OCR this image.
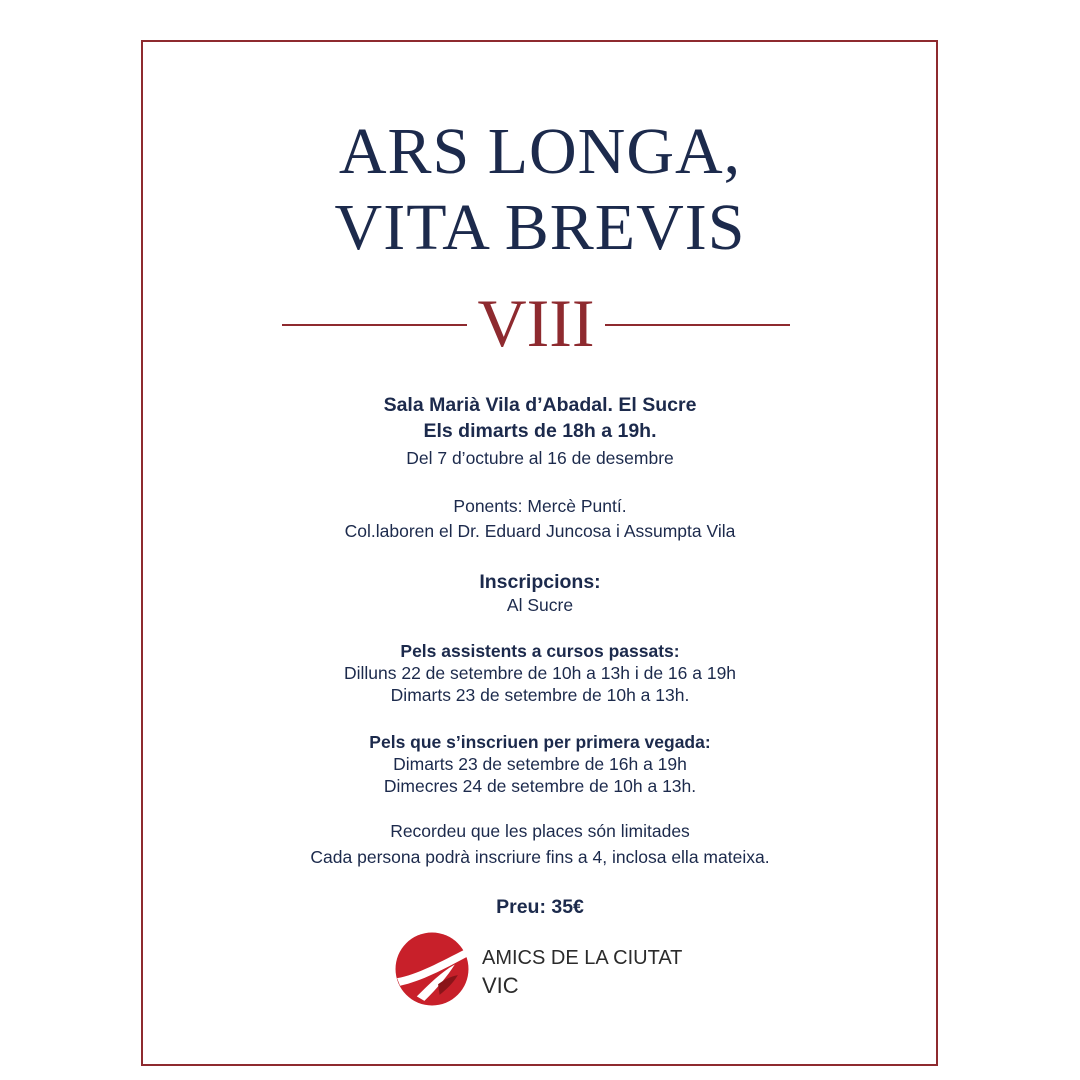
ARS LONGA,
VITA BREVIS
VIII
Sala Marià Vila d’Abadal. El Sucre
Els dimarts de 18h a 19h.
Del 7 d’octubre al 16 de desembre
Ponents: Mercè Puntí.
Col.laboren el Dr. Eduard Juncosa i Assumpta Vila
Inscripcions:
Al Sucre
Pels assistents a cursos passats:
Dilluns 22 de setembre de 10h a 13h i de 16 a 19h
Dimarts 23 de setembre de 10h a 13h.
Pels que s’inscriuen per primera vegada:
Dimarts 23 de setembre de 16h a 19h
Dimecres 24 de setembre de 10h a 13h.
Recordeu que les places són limitades
Cada persona podrà inscriure fins a 4, inclosa ella mateixa.
Preu: 35€
AMICS DE LA CIUTAT
VIC
